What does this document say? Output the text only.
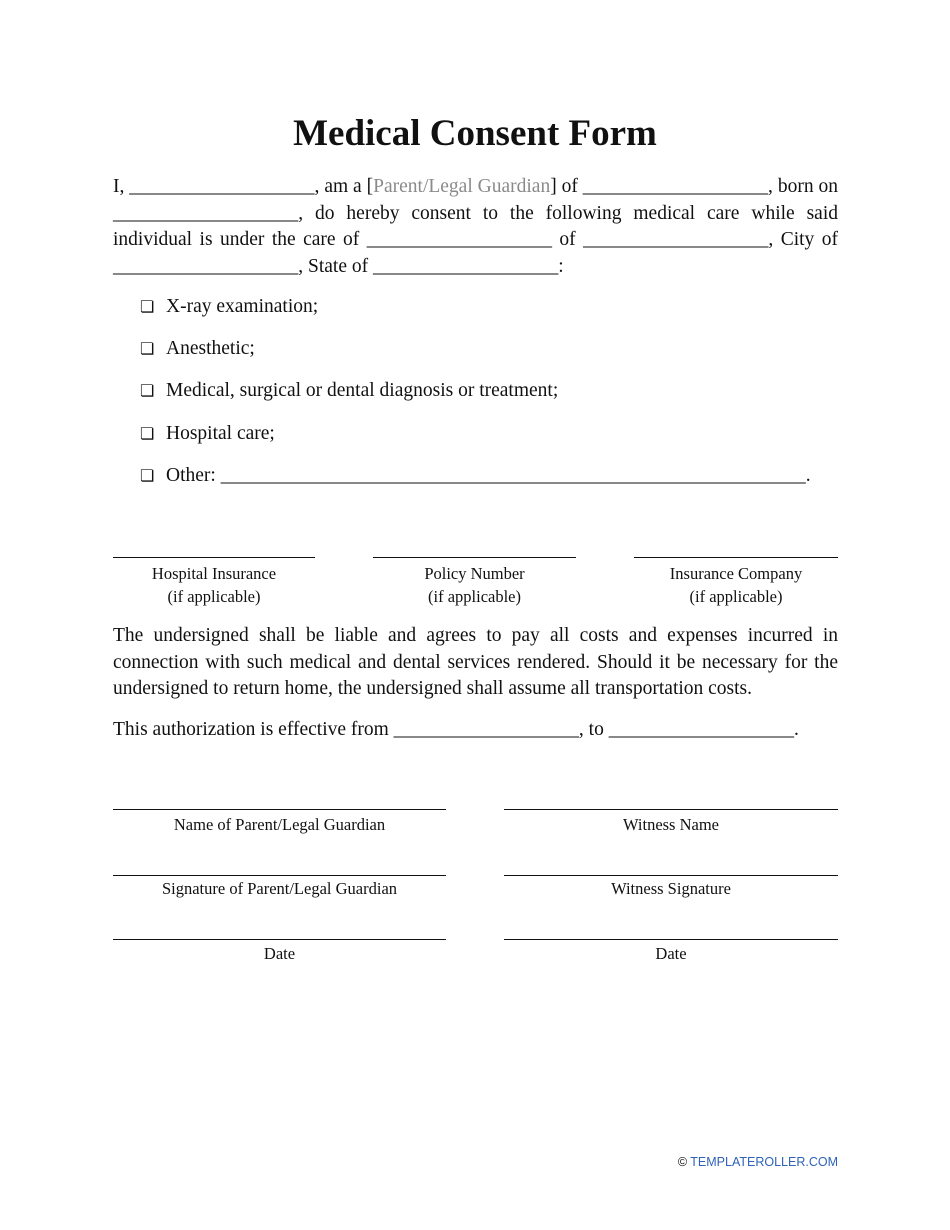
Medical Consent Form
I, ___________________, am a [Parent/Legal Guardian] of ___________________, born on ___________________, do hereby consent to the following medical care while said individual is under the care of ___________________ of ___________________, City of ___________________, State of ___________________:
❏ X-ray examination;
❏ Anesthetic;
❏ Medical, surgical or dental diagnosis or treatment;
❏ Hospital care;
❏ Other: ____________________________________________________________.
Hospital Insurance
(if applicable)
Policy Number
(if applicable)
Insurance Company
(if applicable)
The undersigned shall be liable and agrees to pay all costs and expenses incurred in connection with such medical and dental services rendered. Should it be necessary for the undersigned to return home, the undersigned shall assume all transportation costs.
This authorization is effective from ___________________, to ___________________.
Name of Parent/Legal Guardian
Signature of Parent/Legal Guardian
Date
Witness Name
Witness Signature
Date
© TEMPLATEROLLER.COM
